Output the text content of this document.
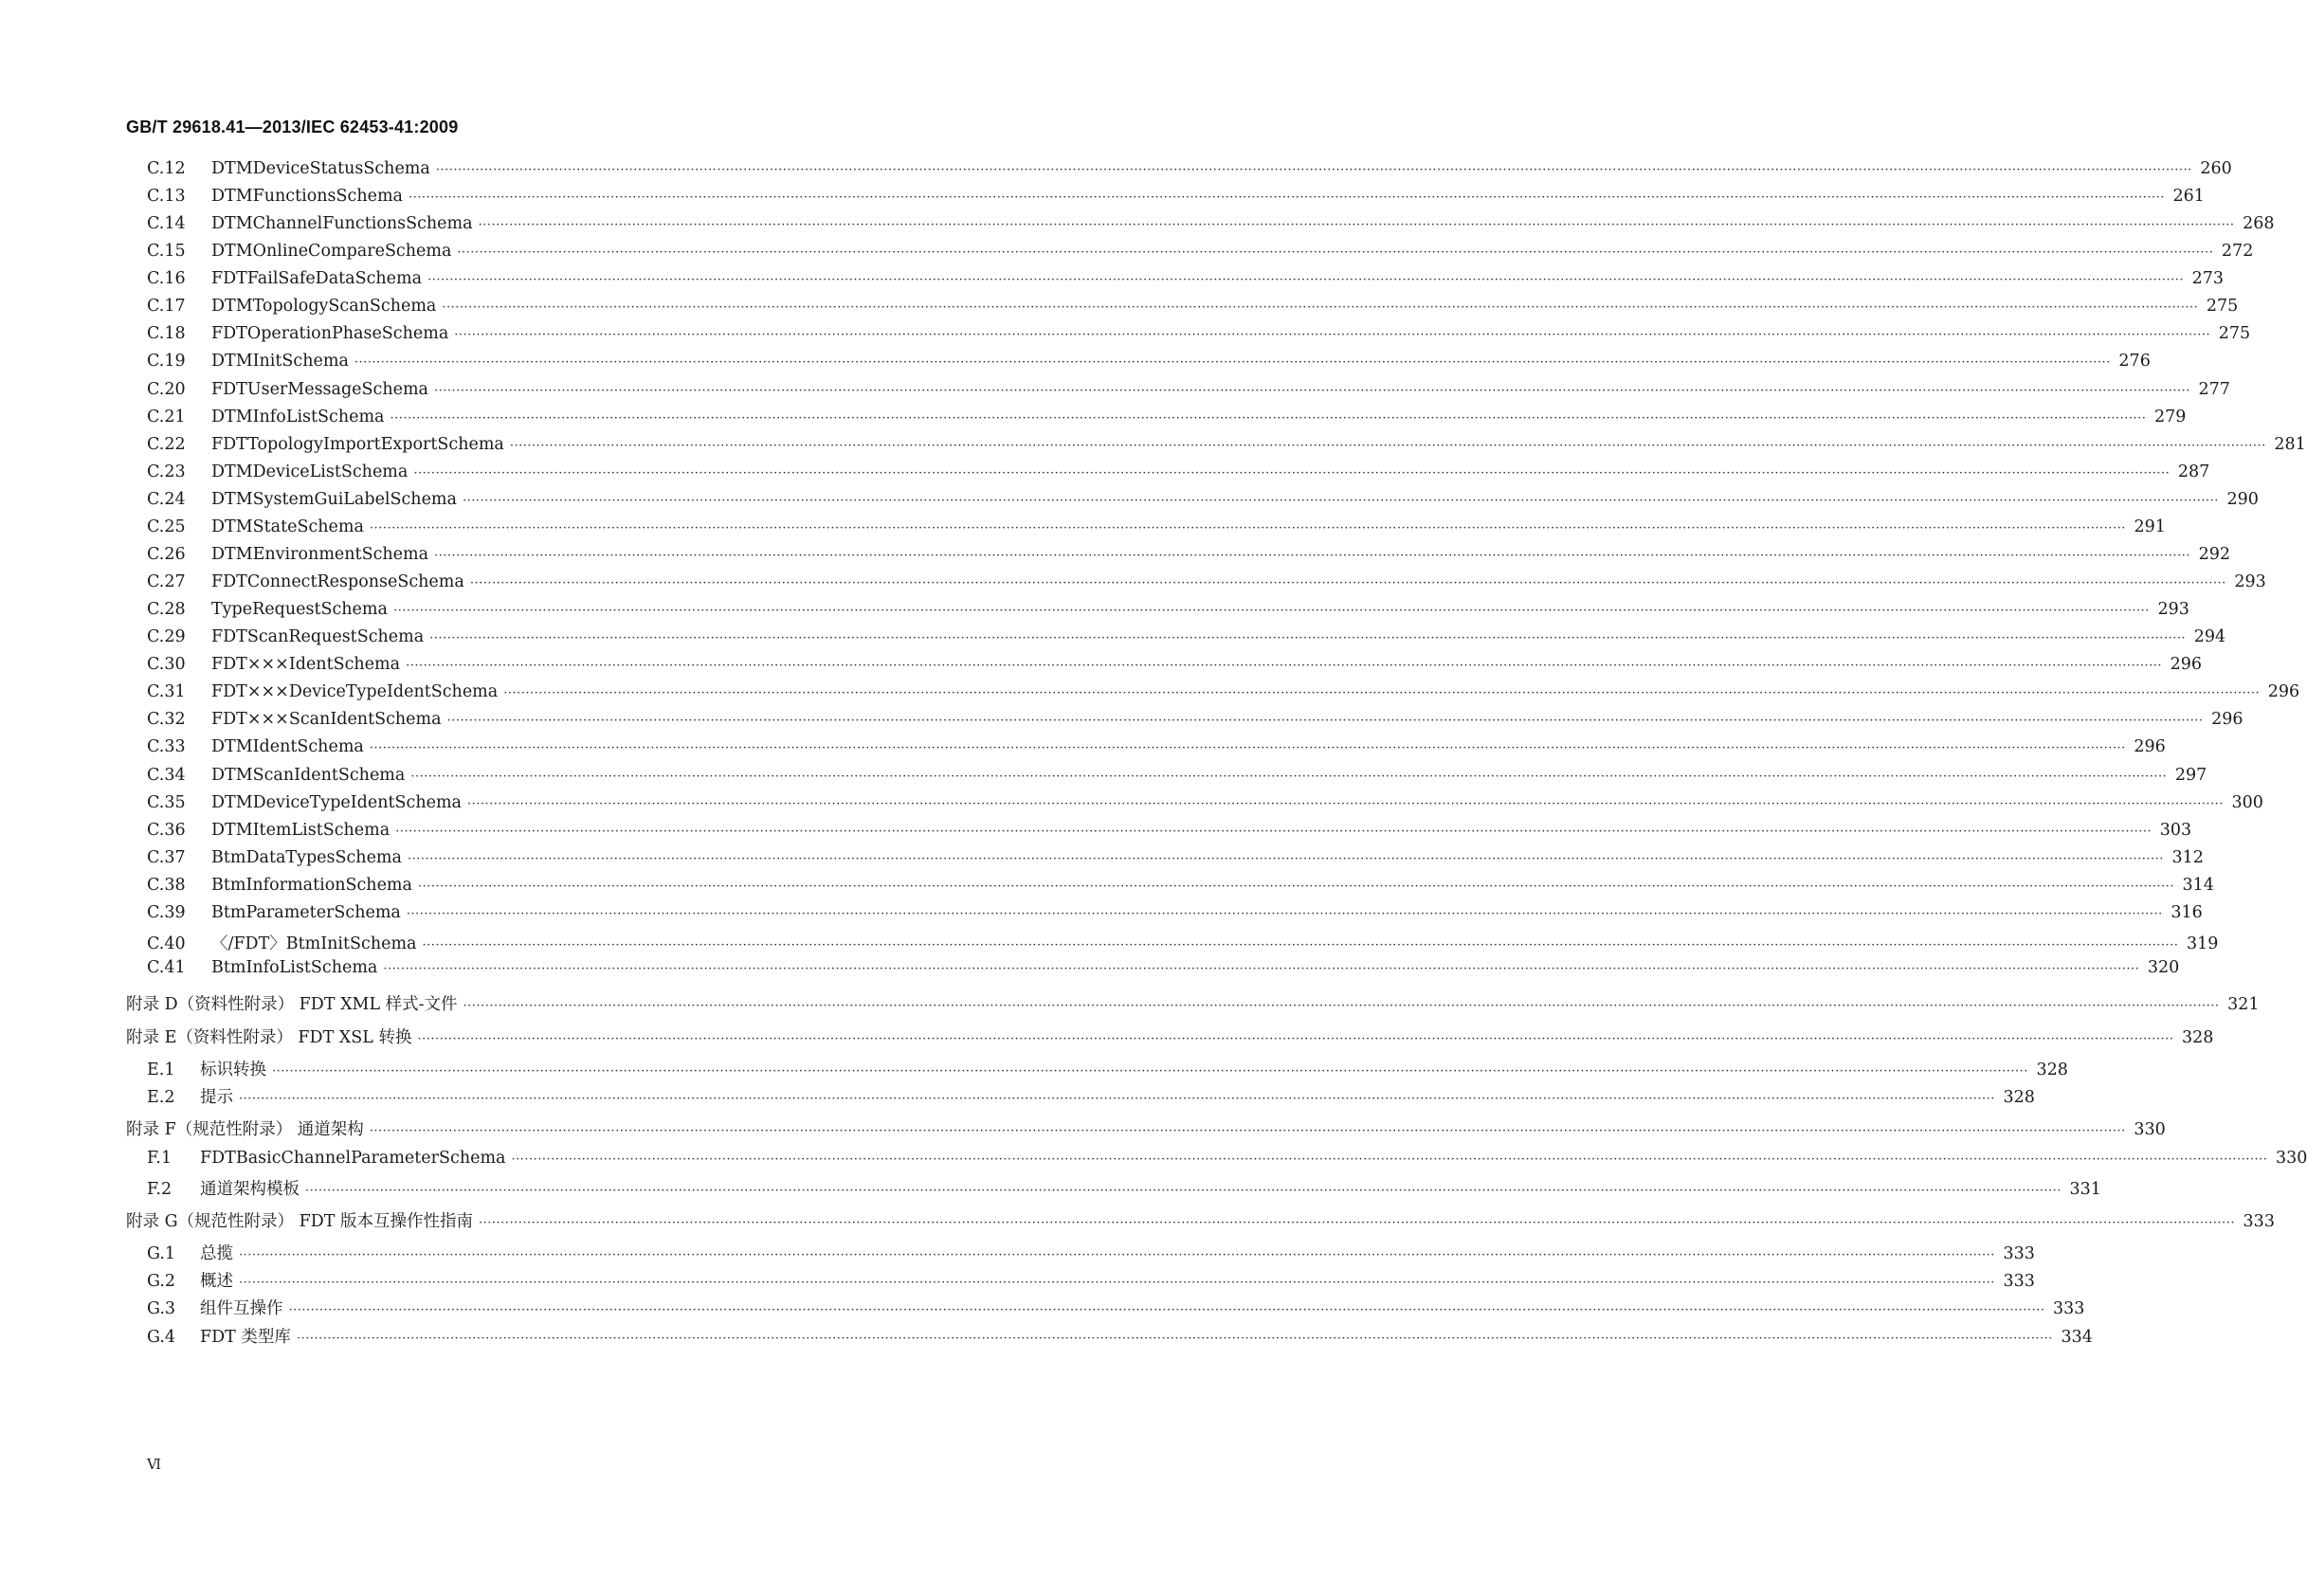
GB/T 29618.41—2013/IEC 62453-41:2009
C.12	DTMDeviceStatusSchema ················································································································································································································································································································································································································ 260
C.13	DTMFunctionsSchema ················································································································································································································································································································································································································ 261
C.14	DTMChannelFunctionsSchema ················································································································································································································································································································································································································ 268
C.15	DTMOnlineCompareSchema ················································································································································································································································································································································································································ 272
C.16	FDTFailSafeDataSchema ················································································································································································································································································································································································································ 273
C.17	DTMTopologyScanSchema ················································································································································································································································································································································································································ 275
C.18	FDTOperationPhaseSchema ················································································································································································································································································································································································································ 275
C.19	DTMInitSchema ················································································································································································································································································································································································································ 276
C.20	FDTUserMessageSchema ················································································································································································································································································································································································································ 277
C.21	DTMInfoListSchema ················································································································································································································································································································································································································ 279
C.22	FDTTopologyImportExportSchema ················································································································································································································································································································································································································ 281
C.23	DTMDeviceListSchema ················································································································································································································································································································································································································ 287
C.24	DTMSystemGuiLabelSchema ················································································································································································································································································································································································································ 290
C.25	DTMStateSchema ················································································································································································································································································································································································································ 291
C.26	DTMEnvironmentSchema ················································································································································································································································································································································································································ 292
C.27	FDTConnectResponseSchema ················································································································································································································································································································································································································ 293
C.28	TypeRequestSchema ················································································································································································································································································································································································································ 293
C.29	FDTScanRequestSchema ················································································································································································································································································································································································································ 294
C.30	FDT×××IdentSchema ················································································································································································································································································································································································································ 296
C.31	FDT×××DeviceTypeIdentSchema ················································································································································································································································································································································································································ 296
C.32	FDT×××ScanIdentSchema ················································································································································································································································································································································································································ 296
C.33	DTMIdentSchema ················································································································································································································································································································································································································ 296
C.34	DTMScanIdentSchema ················································································································································································································································································································································································································ 297
C.35	DTMDeviceTypeIdentSchema ················································································································································································································································································································································································································ 300
C.36	DTMItemListSchema ················································································································································································································································································································································································································ 303
C.37	BtmDataTypesSchema ················································································································································································································································································································································································································ 312
C.38	BtmInformationSchema ················································································································································································································································································································································································································ 314
C.39	BtmParameterSchema ················································································································································································································································································································································································································ 316
C.40	〈/FDT〉BtmInitSchema ················································································································································································································································································································································································································ 319
C.41	BtmInfoListSchema ················································································································································································································································································································································································································ 320
附录 D（资料性附录） FDT XML 样式-文件 ················································································································································································································································································································································································································ 321
附录 E（资料性附录） FDT XSL 转换 ················································································································································································································································································································································································································ 328
E.1	标识转换 ················································································································································································································································································································································································································ 328
E.2	提示 ················································································································································································································································································································································································································ 328
附录 F（规范性附录） 通道架构 ················································································································································································································································································································································································································ 330
F.1	FDTBasicChannelParameterSchema ················································································································································································································································································································································································································ 330
F.2	通道架构模板 ················································································································································································································································································································································································································ 331
附录 G（规范性附录） FDT 版本互操作性指南 ················································································································································································································································································································································································································ 333
G.1	总揽 ················································································································································································································································································································································································································ 333
G.2	概述 ················································································································································································································································································································································································································ 333
G.3	组件互操作 ················································································································································································································································································································································································································ 333
G.4	FDT 类型库 ················································································································································································································································································································································································································ 334
Ⅵ
